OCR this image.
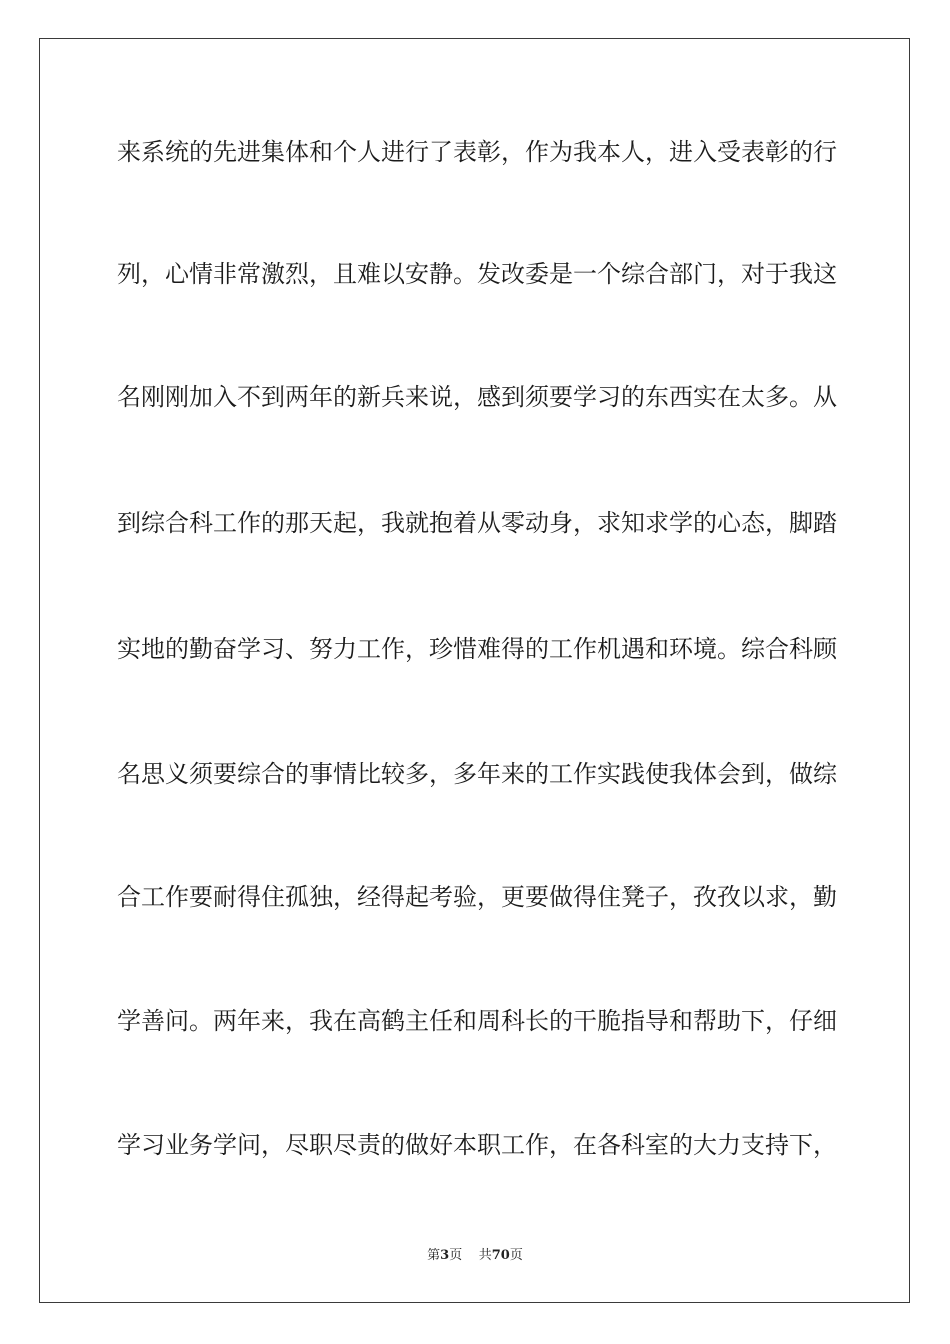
来系统的先进集体和个人进行了表彰，作为我本人，进入受表彰的行
列，心情非常激烈，且难以安静。发改委是一个综合部门，对于我这
名刚刚加入不到两年的新兵来说，感到须要学习的东西实在太多。从
到综合科工作的那天起，我就抱着从零动身，求知求学的心态，脚踏
实地的勤奋学习、努力工作，珍惜难得的工作机遇和环境。综合科顾
名思义须要综合的事情比较多，多年来的工作实践使我体会到，做综
合工作要耐得住孤独，经得起考验，更要做得住凳子，孜孜以求，勤
学善问。两年来，我在高鹤主任和周科长的干脆指导和帮助下，仔细
学习业务学问，尽职尽责的做好本职工作，在各科室的大力支持下，
第3页 共70页
